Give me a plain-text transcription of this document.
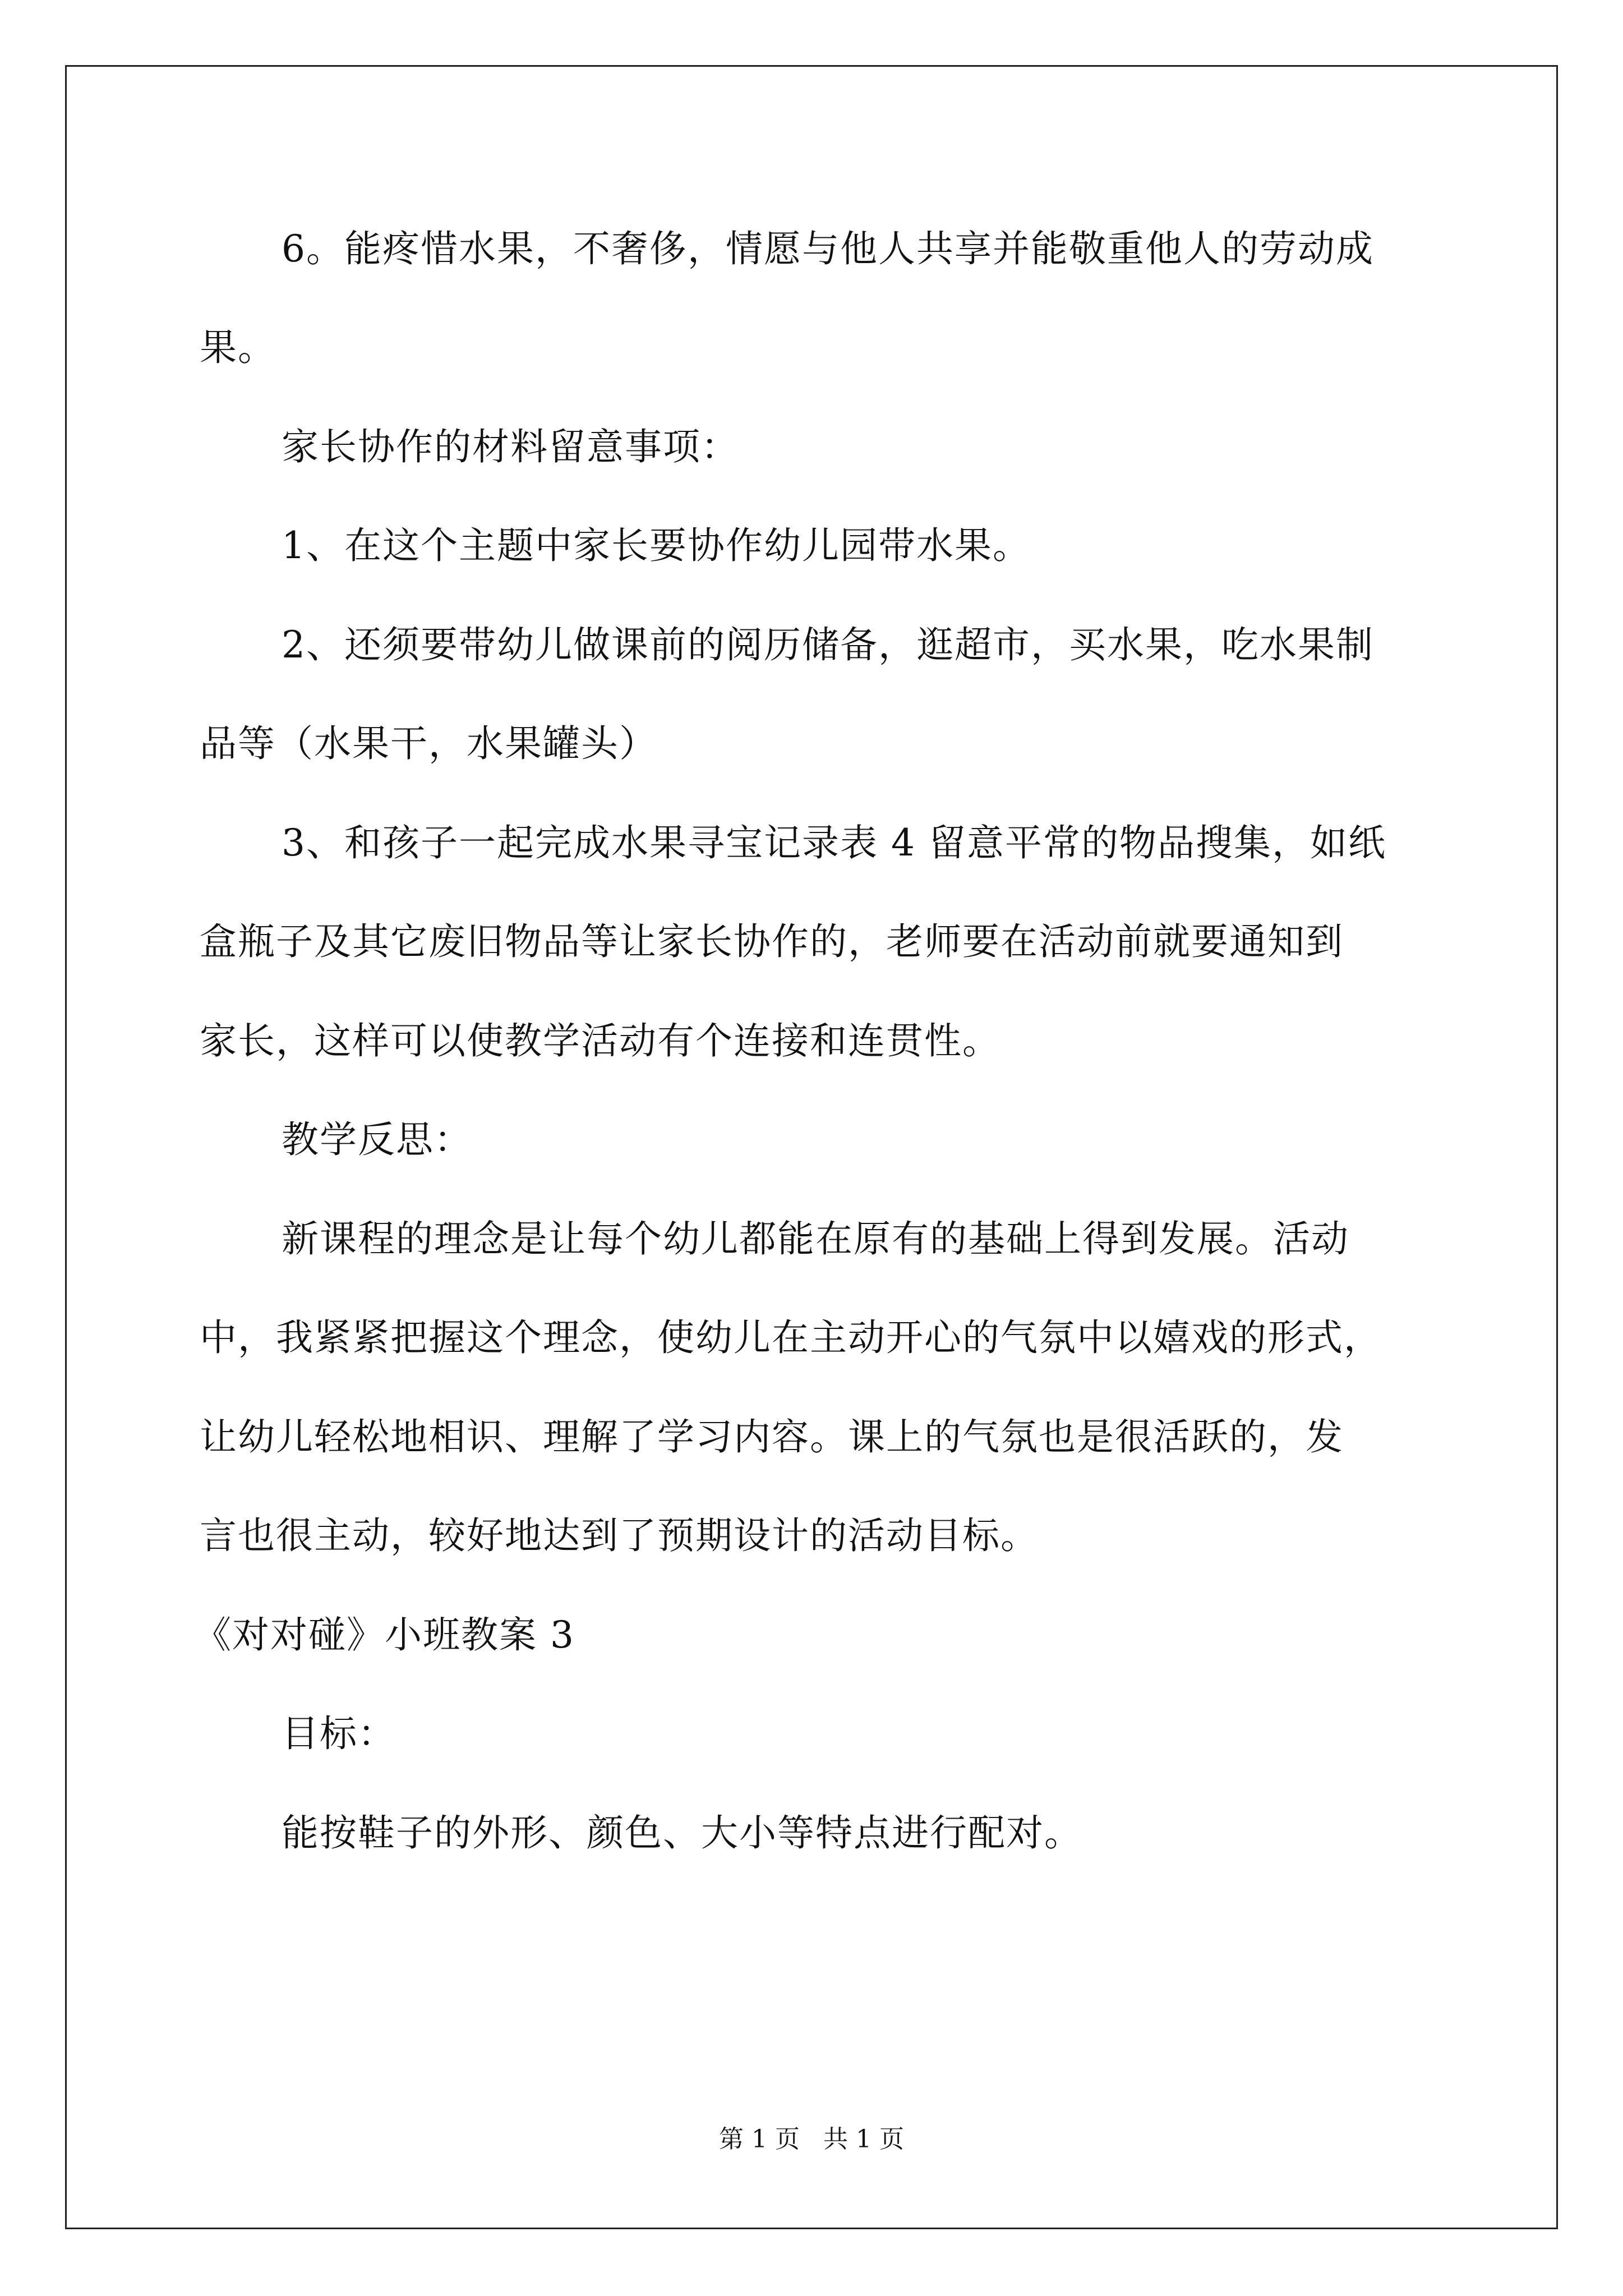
6。能疼惜水果，不奢侈，情愿与他人共享并能敬重他人的劳动成
果。
家长协作的材料留意事项：
1、在这个主题中家长要协作幼儿园带水果。
2、还须要带幼儿做课前的阅历储备，逛超市，买水果，吃水果制
品等（水果干，水果罐头）
3、和孩子一起完成水果寻宝记录表 4 留意平常的物品搜集，如纸
盒瓶子及其它废旧物品等让家长协作的，老师要在活动前就要通知到
家长，这样可以使教学活动有个连接和连贯性。
教学反思：
新课程的理念是让每个幼儿都能在原有的基础上得到发展。活动
中，我紧紧把握这个理念，使幼儿在主动开心的气氛中以嬉戏的形式，
让幼儿轻松地相识、理解了学习内容。课上的气氛也是很活跃的，发
言也很主动，较好地达到了预期设计的活动目标。
《对对碰》小班教案 3
目标：
能按鞋子的外形、颜色、大小等特点进行配对。
第 1 页   共 1 页
